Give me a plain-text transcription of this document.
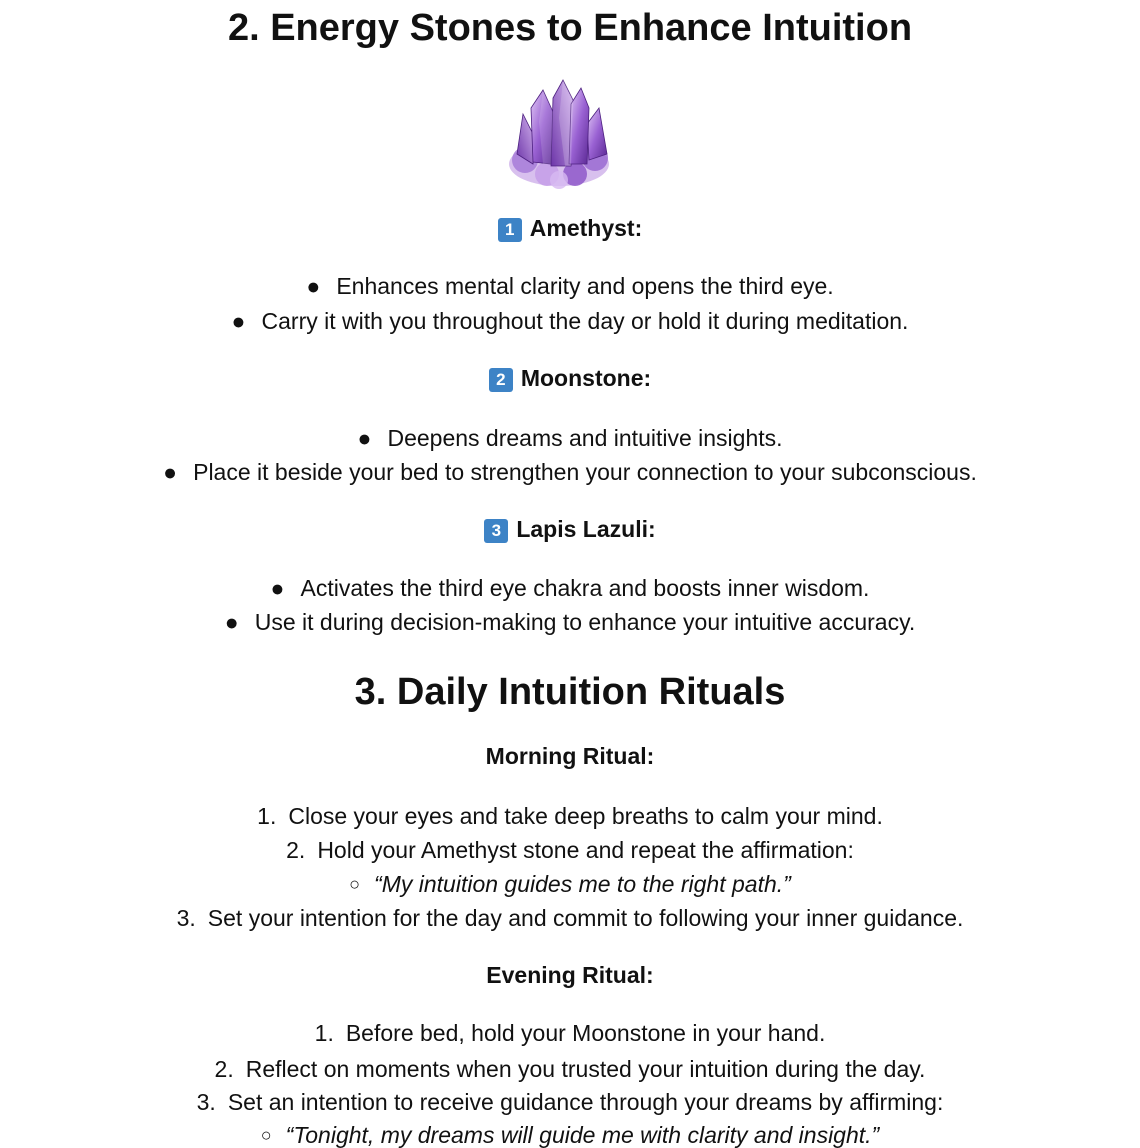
2. Energy Stones to Enhance Intuition
1 Amethyst:
● Enhances mental clarity and opens the third eye.
● Carry it with you throughout the day or hold it during meditation.
2 Moonstone:
● Deepens dreams and intuitive insights.
● Place it beside your bed to strengthen your connection to your subconscious.
3 Lapis Lazuli:
● Activates the third eye chakra and boosts inner wisdom.
● Use it during decision-making to enhance your intuitive accuracy.
3. Daily Intuition Rituals
Morning Ritual:
1. Close your eyes and take deep breaths to calm your mind.
2. Hold your Amethyst stone and repeat the affirmation:
○ “My intuition guides me to the right path.”
3. Set your intention for the day and commit to following your inner guidance.
Evening Ritual:
1. Before bed, hold your Moonstone in your hand.
2. Reflect on moments when you trusted your intuition during the day.
3. Set an intention to receive guidance through your dreams by affirming:
○ “Tonight, my dreams will guide me with clarity and insight.”
